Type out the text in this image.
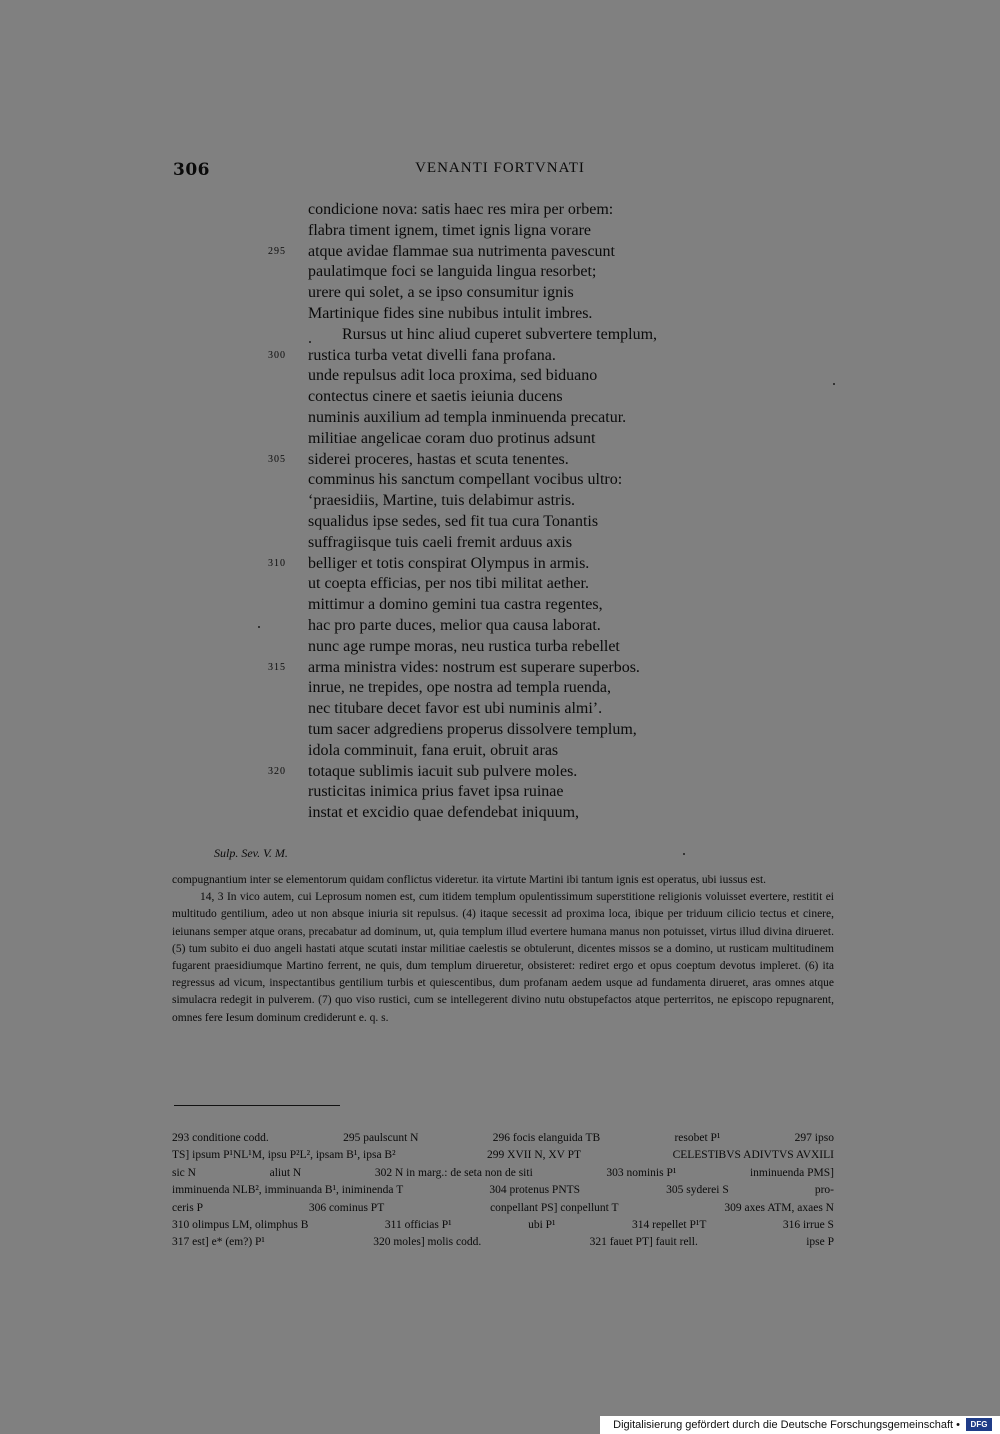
306	VENANTI FORTVNATI
condicione nova: satis haec res mira per orbem:
flabra timent ignem, timet ignis ligna vorare
295 atque avidae flammae sua nutrimenta pavescunt
paulatimque foci se languida lingua resorbet;
urere qui solet, a se ipso consumitur ignis
Martinique fides sine nubibus intulit imbres.
Rursus ut hinc aliud cuperet subvertere templum,
300 rustica turba vetat divelli fana profana.
unde repulsus adit loca proxima, sed biduano
contectus cinere et saetis ieiunia ducens
numinis auxilium ad templa inminuenda precatur.
militiae angelicae coram duo protinus adsunt
305 siderei proceres, hastas et scuta tenentes.
comminus his sanctum compellant vocibus ultro:
‘praesidiis, Martine, tuis delabimur astris.
squalidus ipse sedes, sed fit tua cura Tonantis
suffragiisque tuis caeli fremit arduus axis
310 belliger et totis conspirat Olympus in armis.
ut coepta efficias, per nos tibi militat aether.
mittimur a domino gemini tua castra regentes,
hac pro parte duces, melior qua causa laborat.
nunc age rumpe moras, neu rustica turba rebellet
315 arma ministra vides: nostrum est superare superbos.
inrue, ne trepides, ope nostra ad templa ruenda,
nec titubare decet favor est ubi numinis almi’.
tum sacer adgrediens properus dissolvere templum,
idola comminuit, fana eruit, obruit aras
320 totaque sublimis iacuit sub pulvere moles.
rusticitas inimica prius favet ipsa ruinae
instat et excidio quae defendebat iniquum,
Sulp. Sev. V. M.

compugnantium inter se elementorum quidam conflictus videretur. ita virtute Martini ibi tantum ignis est operatus, ubi iussus est.

14, 3 In vico autem, cui Leprosum nomen est, cum itidem templum opulentissimum superstitione religionis voluisset evertere, restitit ei multitudo gentilium, adeo ut non absque iniuria sit repulsus. (4) itaque secessit ad proxima loca, ibique per triduum cilicio tectus et cinere, ieiunans semper atque orans, precabatur ad dominum, ut, quia templum illud evertere humana manus non potuisset, virtus illud divina dirueret. (5) tum subito ei duo angeli hastati atque scutati instar militiae caelestis se obtulerunt, dicentes missos se a domino, ut rusticam multitudinem fugarent praesidiumque Martino ferrent, ne quis, dum templum dirueretur, obsisteret: rediret ergo et opus coeptum devotus impleret. (6) ita regressus ad vicum, inspectantibus gentilium turbis et quiescentibus, dum profanam aedem usque ad fundamenta dirueret, aras omnes atque simulacra redegit in pulverem. (7) quo viso rustici, cum se intellegerent divino nutu obstupefactos atque perterritos, ne episcopo repugnarent, omnes fere Iesum dominum crediderunt e. q. s.

293 conditione codd.	295 paulscunt N	296 focis elanguida TB	resobet P¹	297 ipso
TS] ipsum P¹NL¹M, ipsu P²L², ipsam B¹, ipsa B²	299 XVII N, XV PT	CELESTIBVS ADIVTVS AVXILI
sic N	aliut N	302 N in marg.: de seta non de siti	303 nominis P¹	inminuenda PMS]
imminuenda NLB², imminuanda B¹, iniminenda T	304 protenus PNTS	305 syderei S	pro-
ceris P	306 cominus PT	conpellant PS] conpellunt T	309 axes ATM, axaes N
310 olimpus LM, olimphus B	311 officias P¹	ubi P¹	314 repellet P¹T	316 irrue S
317 est] e* (em?) P¹	320 moles] molis codd.	321 fauet PT] fauit rell.	ipse P
Digitalisierung gefördert durch die Deutsche Forschungsgemeinschaft •	DFG
